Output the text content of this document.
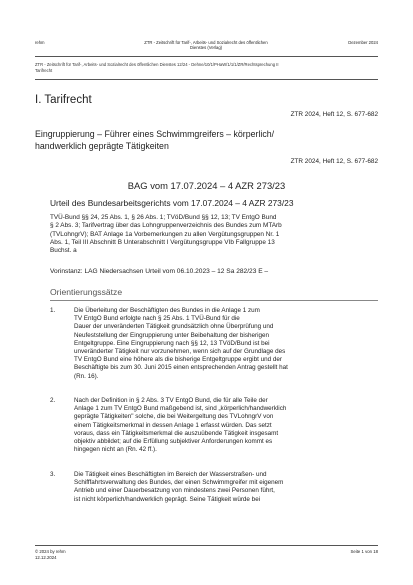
rehm	ZTR - Zeitschrift für Tarif-, Arbeits- und Sozialrecht des öffentlichen
Dienstes (Verlag)
Dezember 2024
ZTR - Zeitschrift für Tarif-, Arbeits- und Sozialrecht des öffentlichen Dienstes 12/24 - Dehne/10/1/PHaW/1/1/1/ZR/Rechtsprechung II
Tarifrecht
I. Tarifrecht
ZTR 2024, Heft 12, S. 677-682
Eingruppierung – Führer eines Schwimmgreifers – körperlich/
handwerklich geprägte Tätigkeiten
ZTR 2024, Heft 12, S. 677-682
BAG vom 17.07.2024 – 4 AZR 273/23
Urteil des Bundesarbeitsgerichts vom 17.07.2024 – 4 AZR 273/23
TVÜ-Bund §§ 24, 25 Abs. 1, § 26 Abs. 1; TVöD/Bund §§ 12, 13; TV EntgO Bund
§ 2 Abs. 3; Tarifvertrag über das Lohngruppenverzeichnis des Bundes zum MTArb
(TVLohngrV); BAT Anlage 1a Vorbemerkungen zu allen Vergütungsgruppen Nr. 1
Abs. 1, Teil III Abschnitt B Unterabschnitt I Vergütungsgruppe VIb Fallgruppe 13
Buchst. a
Vorinstanz: LAG Niedersachsen Urteil vom 06.10.2023 – 12 Sa 282/23 E –
Orientierungssätze
1.	Die Überleitung der Beschäftigten des Bundes in die Anlage 1 zum
TV EntgO Bund erfolgte nach § 25 Abs. 1 TVÜ-Bund für die
Dauer der unveränderten Tätigkeit grundsätzlich ohne Überprüfung und
Neufeststellung der Eingruppierung unter Beibehaltung der bisherigen
Entgeltgruppe. Eine Eingruppierung nach §§ 12, 13 TVöD/Bund ist bei
unveränderter Tätigkeit nur vorzunehmen, wenn sich auf der Grundlage des
TV EntgO Bund eine höhere als die bisherige Entgeltgruppe ergibt und der
Beschäftigte bis zum 30. Juni 2015 einen entsprechenden Antrag gestellt hat
(Rn. 16).
2.	Nach der Definition in § 2 Abs. 3 TV EntgO Bund, die für alle Teile der
Anlage 1 zum TV EntgO Bund maßgebend ist, sind „körperlich/handwerklich
geprägte Tätigkeiten" solche, die bei Weitergeltung des TVLohngrV von
einem Tätigkeitsmerkmal in dessen Anlage 1 erfasst würden. Das setzt
voraus, dass ein Tätigkeitsmerkmal die auszuübende Tätigkeit insgesamt
objektiv abbildet; auf die Erfüllung subjektiver Anforderungen kommt es
hingegen nicht an (Rn. 42 ff.).
3.	Die Tätigkeit eines Beschäftigten im Bereich der Wasserstraßen- und
Schifffahrtsverwaltung des Bundes, der einen Schwimmgreifer mit eigenem
Antrieb und einer Dauerbesatzung von mindestens zwei Personen führt,
ist nicht körperlich/handwerklich geprägt. Seine Tätigkeit würde bei
© 2024 by rehm
12.12.2024
Seite 1 von 18
